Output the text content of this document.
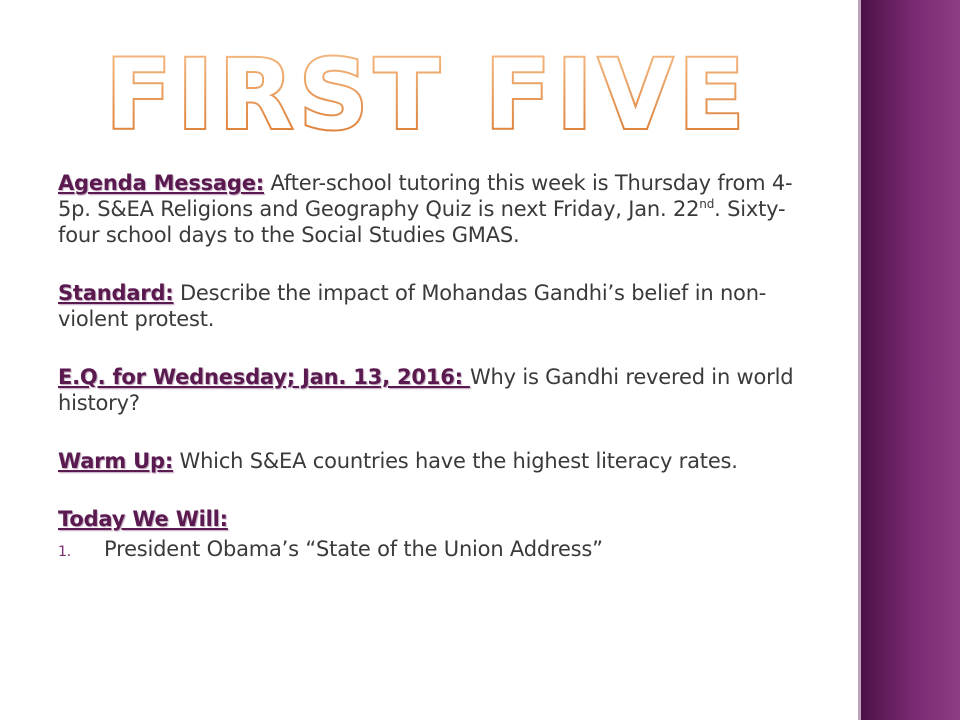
FIRST FIVE

Agenda Message: After-school tutoring this week is Thursday from 4-5p. S&EA Religions and Geography Quiz is next Friday, Jan. 22nd. Sixty-four school days to the Social Studies GMAS.

Standard: Describe the impact of Mohandas Gandhi’s belief in non-violent protest.

E.Q. for Wednesday; Jan. 13, 2016: Why is Gandhi revered in world history?

Warm Up: Which S&EA countries have the highest literacy rates.

Today We Will:
1.	President Obama’s “State of the Union Address”
